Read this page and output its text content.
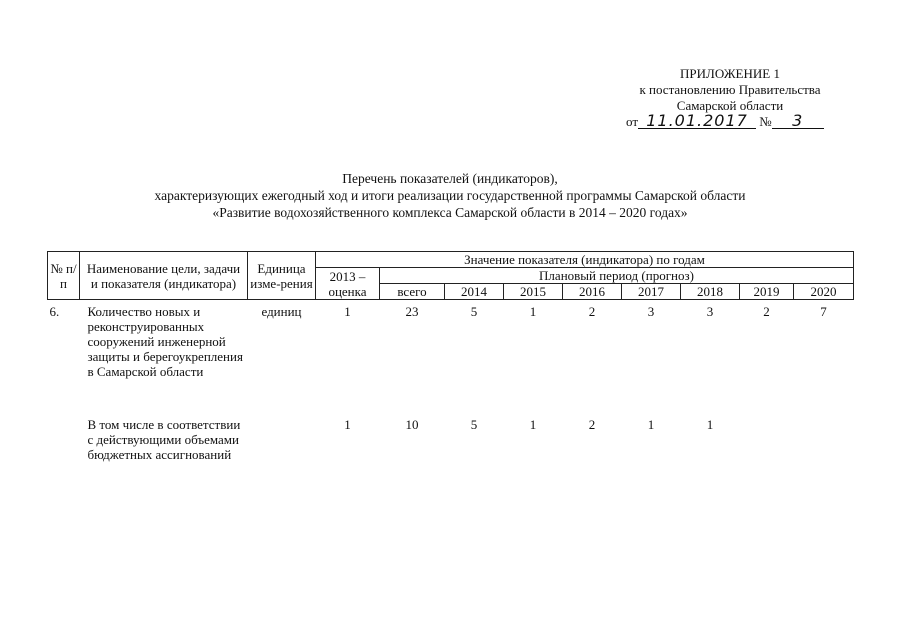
ПРИЛОЖЕНИЕ 1
к постановлению Правительства
Самарской области
от 11.01.2017 № 3
Перечень показателей (индикаторов),
характеризующих ежегодный ход и итоги реализации государственной программы Самарской области
«Развитие водохозяйственного комплекса Самарской области в 2014 – 2020 годах»
№ п/п	Наименование цели, задачи и показателя (индикатора)	Единица изме-рения	Значение показателя (индикатора) по годам								
			2013 – оценка	Плановый период (прогноз)							
				всего	2014	2015	2016	2017	2018	2019	2020
6.	Количество новых и реконструированных сооружений инженерной защиты и берегоукрепления в Самарской области	единиц	1	23	5	1	2	3	3	2	7

	В том числе в соответствии с действующими объемами бюджетных ассигнований		1	10	5	1	2	1	1		
